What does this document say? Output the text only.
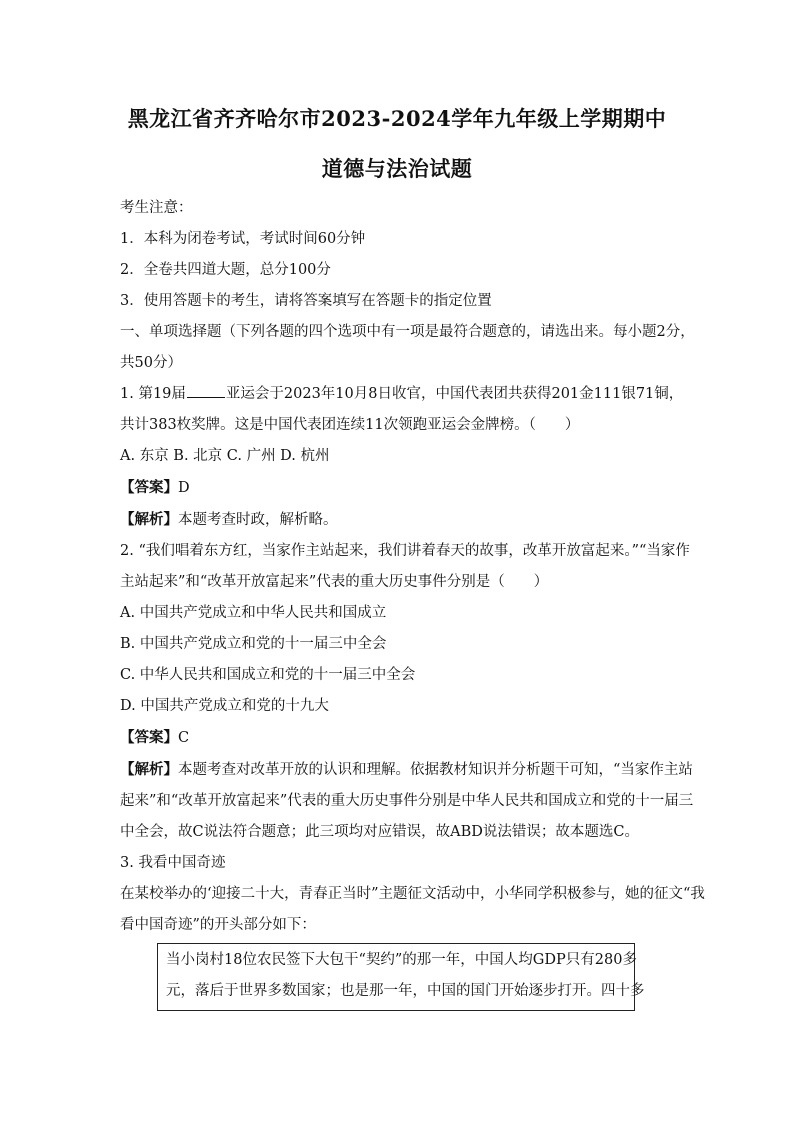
黑龙江省齐齐哈尔市2023-2024学年九年级上学期期中
道德与法治试题
考生注意：
1．本科为闭卷考试，考试时间60分钟
2．全卷共四道大题，总分100分
3．使用答题卡的考生，请将答案填写在答题卡的指定位置
一、单项选择题（下列各题的四个选项中有一项是最符合题意的，请选出来。每小题2分，
共50分）
1. 第19届	亚运会于2023年10月8日收官，中国代表团共获得201金111银71铜，
共计383枚奖牌。这是中国代表团连续11次领跑亚运会金牌榜。（　　）
A. 东京 B. 北京 C. 广州 D. 杭州
【答案】D
【解析】本题考查时政，解析略。
2. “我们唱着东方红，当家作主站起来，我们讲着春天的故事，改革开放富起来。”“当家作
主站起来”和“改革开放富起来”代表的重大历史事件分别是（　　）
A. 中国共产党成立和中华人民共和国成立
B. 中国共产党成立和党的十一届三中全会
C. 中华人民共和国成立和党的十一届三中全会
D. 中国共产党成立和党的十九大
【答案】C
【解析】本题考查对改革开放的认识和理解。依据教材知识并分析题干可知，“当家作主站
起来”和“改革开放富起来”代表的重大历史事件分别是中华人民共和国成立和党的十一届三
中全会，故C说法符合题意；此三项均对应错误，故ABD说法错误；故本题选C。
3. 我看中国奇迹
在某校举办的‘迎接二十大，青春正当时”主题征文活动中，小华同学积极参与，她的征文“我
看中国奇迹”的开头部分如下：
当小岗村18位农民签下大包干“契约”的那一年，中国人均GDP只有280多
元，落后于世界多数国家；也是那一年，中国的国门开始逐步打开。四十多
